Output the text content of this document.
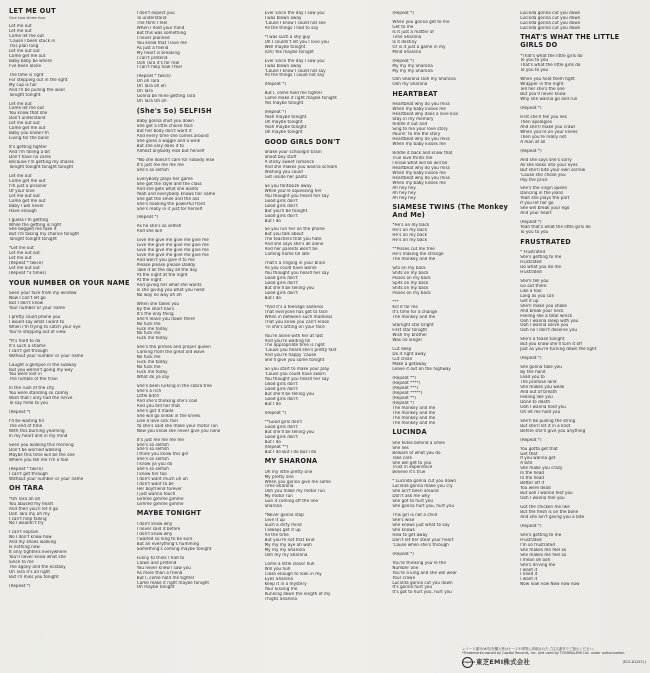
LET ME OUT
One two three four
Let me out
Let me out
Come let me out
'Cause I been stuck in
This plan long
Let me out out
Come get me out
Baby baby be where
I've been alone
The time is right
For stepping out in the light
My cup is full
And I'll be pulling the wool
Tonight tonight
Let me out
Come let me out
You know that she
Don't understand
Let me out out
Come get me out
Baby you know I'm
Living for the band
It's getting tighter
And I'm falling a bit
Don't have no cares
Because I'm getting my shares
Tonight tonight tonight tonight
Let me out
Come get me out
I'm just a prisoner
Of your love
Let me out out
Come get me out
Baby I will never
Have enough
I guess I'm getting
While the getting is right
She begged me take it
But I'm taking my chance tonight
Tonight tonight tonight
*Let me out
Let me out out
Let me out
(Repeat * twice)
Let me out out
(Repeat *3 times)
YOUR NUMBER OR YOUR NAME
Seen your face from my window
Now I can't let go
But I don't know
Your number or your name
I pretty could phone you
I would say what I want to
When I'm trying to catch your eye
You're stepping out of view
*It's hard to do
It's such a shame
I can't get through
Without your number or your name
Caught a glimpse in the subway
But you weren't going my way
You were lost in
The rumble of the train
In the rush of the city
You were standing so calmly
Wish that I only had the nerve
To say hello to you
(Repeat *)
I'd be waiting till
The end of time
With this burning yearning
In my heart and in my mind
Seen you walking this morning
Don't be worried walking
Maybe this time will be the one
Where you tell me I'm a fool
(Repeat * twice)
I can't get through
Without your number or your name
OH TARA
*Oh Tara oh oh
You abused my heart
And then you'll let it go
Ooh Tara my oh my
I can't help falling
No I wouldn't try
I can't explain
No I don't know how
And my shoes walking
Is nothing now
It only tightens everywhere
You'll never know what she
Since to me
The agony and the ecstasy
Oh Tara it's all right
But I'll miss you tonight
(Repeat *)
I don't expect you
To understand
The thrill I feel
When I hold your hand
But this was something
I never planned
You know that I love me
As just a friend
My heart is breaking
I can't pretend
Ooh Tara it's for real
I can't help how I feel
(Repeat * twice)
Oh oh Tara
Oh Tara oh oh
Oh Tara
Gonna be mine getting Tara
Oh Tara Oh oh
(She's So) SELFISH
Baby gonna shut you down
She got a little choice face
But her body don't want it
And every time she comes around
She gives a wiggle and a wink
But she only does it to
Almost anybody else but herself
*No she doesn't care for nobody else
It's just me me me me
She's so selfish
Everybody plays her game
She got the style and the class
And she gets what she wants
Yeah and everybody knows her name
She got the smile and the ass
She's hooking the powerful front
She's really in it just for herself
(Repeat *)
As he she's so selfish
And she will
Give me give me give me give me
Give me give me give me give me
Give me give me give me give me
Give me give me give me give me
And won't you give it to me
Please please please Daddy
Take it all the day all the day
At the night at the night
At the night
And giving her what she wants
Is she giving you what you need
No way no way oh oh
When she takes you
By the short hairs
It's the only thing
She'll leave you down there
No fuck me
Fuck me today
No fuck me
Fuck me today
She's the primes and proper queen
Coming from the great old wave
No fuck me
Fuck me today
No fuck me
Fuck me today
What do ya say
She's been lurking in the cobra tree
She's a rich
Little bitch
And she's thinking she's cool
And you tell her that
She's got it made
She will go sneak in the knees
Like a love sick fool
Ya she's said she make your motor run
Now you know she never give you none
It's just me me me me
She's so selfish
She's so selfish
I think you know this girl
She's so selfish
I know ya you do
She's so selfish
I know her too
I don't want much uh uh
I don't want to be
Her boyfriend forever
I just wanna touch
Gimme gimme gimme
Gimme gimme gimme
MAYBE TONIGHT
I don't know why
I never said it before
I don't know why
I waited so long to be sure
But an everything's humming
Something's coming maybe tonight
Funny to think I had to
Clown and pretend
You never knew I saw you
As more than a friend
But I, come hold me tighter
Come make it right maybe tonight
Oh maybe tonight
Ever since the day I saw you
I was blown away
'Cause I know I could not see
All the things I had to say
*I was such a shy guy
Oh I couldn't let you I love you
Well maybe tonight
(Oh) Yes maybe tonight
Ever since the day I saw you
I was blown away
'Cause I know I could not say
All the things I could not say
(Repeat *)
But I, come hold me tighter
Come make it right maybe tonight
Yes maybe tonight
(Repeat *)
Yeah maybe tonight
Oh maybe tonight
Yeah maybe tonight
Oh maybe tonight
GOOD GIRLS DON'T
Shake your schoolgirl brain
Shoot boy stuff
A sticky sweet romance
And she makes you wanna scream
Wishing you could
Get inside her pants
So you fantasize away
While you're squeezing her
You thought you heard her say
Good girls don't
Good girls don't
But you'll be tonight
Good girls don't
But I do
So you run her on the phone
But you talk about
The teachers that you hate
And she says she's all alone
And her parents won't be
Coming home till late
That's a ringing in your brain
As you could have worse
You thought you heard her say
Good girls don't
Good girls don't
But she'll be telling you
Good girls don't
But I do
*And it's a teenage sadness
That everyone has got to face
When in between such madness
That you know you can't erase
'Til she's sitting on your face
You're alone with her at last
And you're waiting till
The appropriate time is right
'Cause you heard she's pretty fast
And you're happy 'cause
She'll give you some tonight
So you start to make your play
'Cause you could have sworn
You thought you heard her say
Good girls don't
Good girls don't
But she'll be telling you
Good girls don't
But I do
(Repeat *)
**Good girls don't
Good girls don't
But she'll be telling you
Good girls don't
But I do
(Repeat **)
But I do But I do But I do
MY SHARONA
Oh my little pretty one
My pretty one
When you gonna give me some
Time Sharona
Ooh you make my motor run
My motor run
Gun it coming off the line
Sharona
*Never gonna stop
Give it up
Such a dirty mind
I always get it up
All the time
But you're not that kind
My my my aye ah woh
My my my Sharona
Ooh my my Sharona
Come a little closer huh
Will you huh
Close enough to look in my
Eyes Sharona
Keep it in a mystery
Your kissing me
Running down the length of my
Thighs Sharona
(Repeat *)
When you gonna get to me
Get to me
Is it just a matter of
Time Sharona
Is it destiny
Or is it just a game in my
Mind Sharona
(Repeat *)
My my my Sharona
My my my Sharona
Ooh Sharona Ooh my Sharona
Ooh my Sharona
HEARTBEAT
Heartbeat why do you miss
When my baby kisses me
Heartbeat why does a love kiss
Stay in my memory
Riddle it out and
Sing to me your love story
Pourin' to me the story
Heartbeat why do you miss
When my baby kisses me
Riddle it back and know that
True love thrills me
I know what will be will be
Heartbeat why do you miss
When my baby kisses me
Heartbeat why do you miss
When my baby kisses me
Ah hey hey
Ah hey hey
Ah hey hey
SIAMESE TWINS (The Monkey And Me)
*He's on my back
He's on my back
He's on my back
He's on my back
**Pisses cut me free
He's making me strange
The monkey and me
Sits on my back
Shits on my back
Pisses on my back
Spits on my back
Shits on my back
Pisses on my back
***
Kill it for me
It's time for a change
The monkey and me
Starlight star bright
First star tonight
Wish my brother
Was no longer
Cut deep
Do it right away
Cut clean
Make a getaway
Leave it out on the highway
(Repeat **)
(Repeat ****)
(Repeat ***)
(Repeat *****)
(Repeat **)
(Repeat *)
The monkey and me
The monkey and me
The monkey and me
The monkey and me
LUCINDA
She hides behind a smile
She lies
Beware of what you do
Take care
She will get to you
Trust in experience
Believe it's true
* Lucinda gonna cut you down
Lucinda gonna make you cry
She ain't been around
Don't ask me why
She got to hurt you
She gonna hurt you, hurt you
This girl is not a child
She's wise
She knows just what to say
She knows
How to get away
Don't let her steal your heart
'Cause when she's through
(Repeat *)
You're thinking you're the
Number one
You're a king and she will wear
Your crown
Lucinda gonna cut you down
It's gonna hurt you
It's got to hurt you, hurt you
Lucinda gonna cut you down
Lucinda gonna cut you down
Lucinda gonna cut you down
Lucinda gonna cut you down
THAT'S WHAT THE LITTLE GIRLS DO
*That's what the little girls do
To you to you
That's what the little girls do
To you to you
When you hold them tight
Wrapper in the night
Tell her she's the one
But you'll never know
Why she wanna go and run
(Repeat *)
First she'll tell you lies
Then apologies
And she'll make you crawl
When you're on your knees
Then you're really not
A man at all
(Repeat *)
And she says she's sorry
As she looks into your eyes
But she'll bite your own sorrow
'Cause she chose you
Pay the price
She's the virgin queen
Dancing in the jeans
Yeah she plays the part
If you let her go
She will break your ego
And your heart
(Repeat *)
Yeah that's what the little girls do
To you to you
FRUSTRATED
* Frustrated
She's getting to me
Frustrated
Do what you do me
Frustrated
She'll tell you
Go out there
Like a fool
Long as you can
Get it up
She'll make you shake
And break your neck
Feeling like a total wreck
Ooh I wanna sleep with you
Ooh I wanna serve you
Ooh no I don't deserve you
She's a tease tonight
But you know she'll turn it off
Just as you're turning down the light
(Repeat *)
She gonna take you
By the hand
Lead you to
The promise land
She makes you weak
And out of breath
Feeling like you
Done to death
Ooh I wanna hold you
Oh let me hold you
She'll be pulling the string
But she'll let it in a knot
Before she'll give you anything
(Repeat *)
You gotta get that
Get that
If you wanna get
A bite
She make you crazy
In the head
In the head
Better off if
You were dead
But ooh I wanna test you
Ooh I wanna feel you
Got the chicken me like
But the flesh is on the bone
And she ain't giving you a bite
(Repeat *)
She's getting to me
Frustrated
I'm so frustrated
She makes me feel so
She makes me feel so
I mean oh ooh
She's driving me
I want it
I need it
I want it
Now now now Now now now
レコード番号(※印)を購入時はケースや帯等に印刷されたご注文番号でご指示ください。
*Trademarks owned by Capitol Records, Inc. and used by TOSHIBA-EMI Ltd. under authorization.
Capitol 東芝EMI株式会社	(ECS-81253) J
